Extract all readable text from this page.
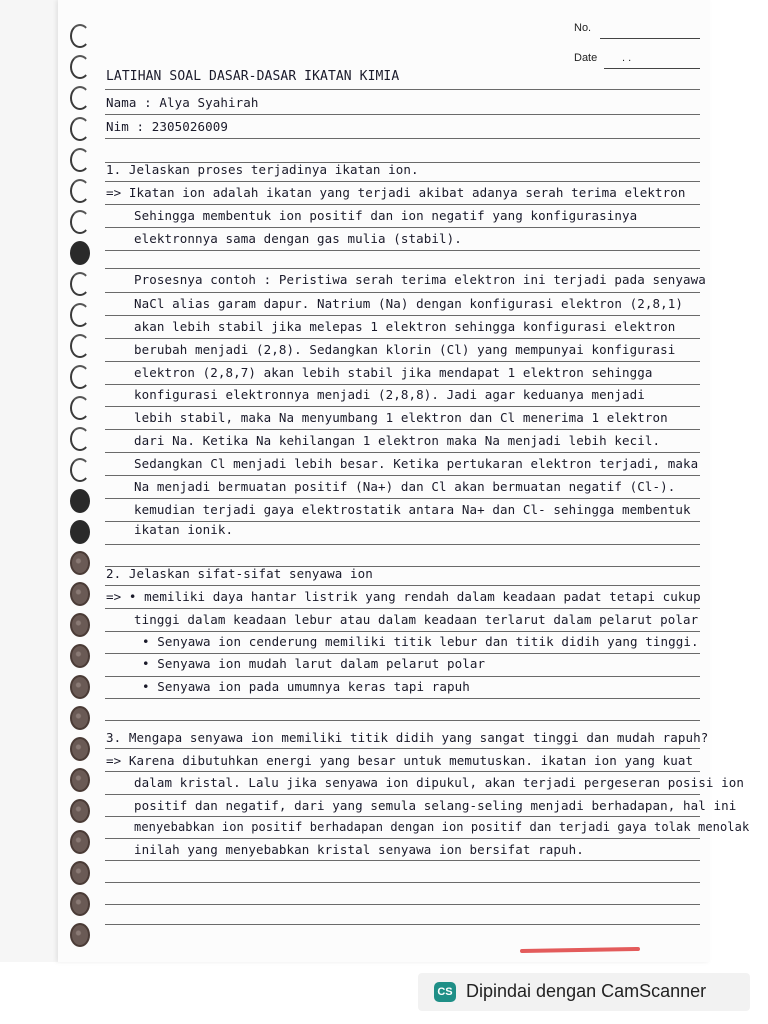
No.
Date . .
LATIHAN SOAL DASAR-DASAR IKATAN KIMIA
Nama : Alya Syahirah
Nim : 2305026009
1. Jelaskan proses terjadinya ikatan ion.
=> Ikatan ion adalah ikatan yang terjadi akibat adanya serah terima elektron
Sehingga membentuk ion positif dan ion negatif yang konfigurasinya
elektronnya sama dengan gas mulia (stabil).
Prosesnya contoh : Peristiwa serah terima elektron ini terjadi pada senyawa
NaCl alias garam dapur. Natrium (Na) dengan konfigurasi elektron (2,8,1)
akan lebih stabil jika melepas 1 elektron sehingga konfigurasi elektron
berubah menjadi (2,8). Sedangkan klorin (Cl) yang mempunyai konfigurasi
elektron (2,8,7) akan lebih stabil jika mendapat 1 elektron sehingga
konfigurasi elektronnya menjadi (2,8,8). Jadi agar keduanya menjadi
lebih stabil, maka Na menyumbang 1 elektron dan Cl menerima 1 elektron
dari Na. Ketika Na kehilangan 1 elektron maka Na menjadi lebih kecil.
Sedangkan Cl menjadi lebih besar. Ketika pertukaran elektron terjadi, maka
Na menjadi bermuatan positif (Na+) dan Cl akan bermuatan negatif (Cl-).
kemudian terjadi gaya elektrostatik antara Na+ dan Cl- sehingga membentuk
ikatan ionik.
2. Jelaskan sifat-sifat senyawa ion
=> • memiliki daya hantar listrik yang rendah dalam keadaan padat tetapi cukup
tinggi dalam keadaan lebur atau dalam keadaan terlarut dalam pelarut polar
• Senyawa ion cenderung memiliki titik lebur dan titik didih yang tinggi.
• Senyawa ion mudah larut dalam pelarut polar
• Senyawa ion pada umumnya keras tapi rapuh
3. Mengapa senyawa ion memiliki titik didih yang sangat tinggi dan mudah rapuh?
=> Karena dibutuhkan energi yang besar untuk memutuskan. ikatan ion yang kuat
dalam kristal. Lalu jika senyawa ion dipukul, akan terjadi pergeseran posisi ion
positif dan negatif, dari yang semula selang-seling menjadi berhadapan, hal ini
menyebabkan ion positif berhadapan dengan ion positif dan terjadi gaya tolak menolak
inilah yang menyebabkan kristal senyawa ion bersifat rapuh.
CS Dipindai dengan CamScanner
